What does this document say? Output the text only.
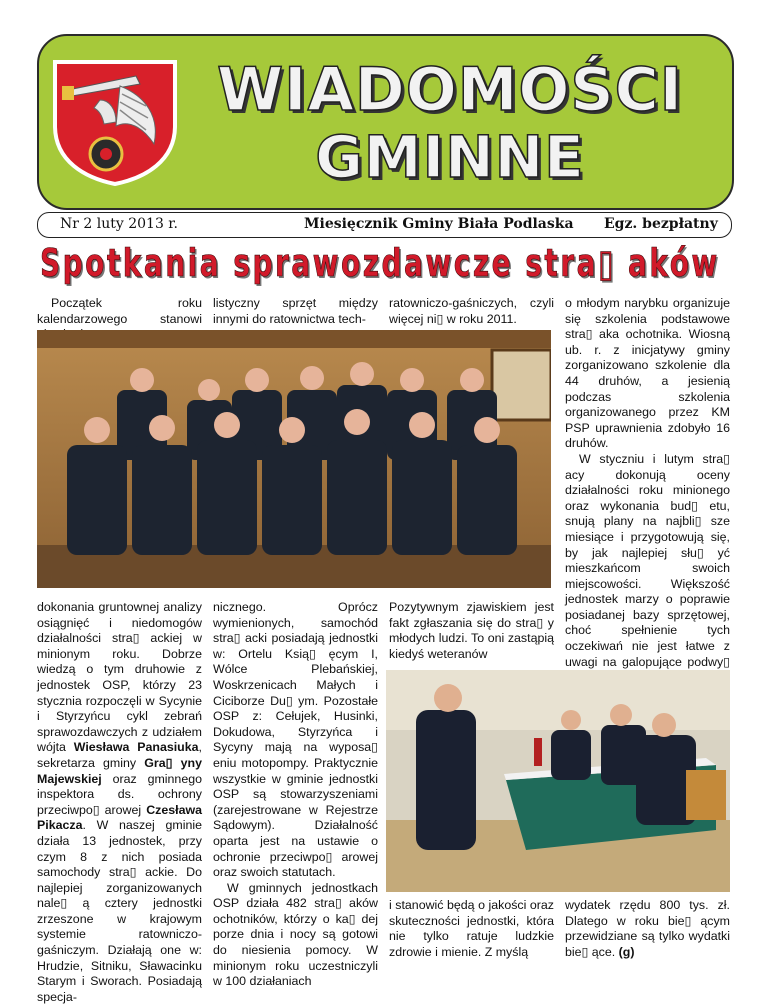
WIADOMOŚCI
GMINNE
Nr 2 luty 2013 r.	Miesięcznik Gminy Biała Podlaska Egz. bezpłatny
Spotkania sprawozdawcze stra▯ aków

Początek roku kalendarzowego stanowi

dokonania gruntownej analizy osiągnięć i niedomogów działalności stra▯ ackiej w minionym roku. Dobrze wiedzą o tym druhowie z jednostek OSP, którzy 23 stycznia rozpoczęli w Sycynie i Styrzyńcu cykl zebrań sprawozdawczych z udziałem wójta Wiesława Panasiuka, sekretarza gminy Gra▯ yny Majewskiej oraz gminnego inspektora ds. ochrony przeciwpo▯ arowej Czesława Pikacza. W naszej gminie działa 13 jednostek, przy czym 8 z nich posiada samochody stra▯ ackie. Do najlepiej zorganizowanych nale▯ ą cztery jednostki zrzeszone w krajowym systemie ratowniczo-gaśniczym. Działają one w: Hrudzie, Sitniku, Sławacinku Starym i Sworach. Posiadają specja-

listyczny sprzęt między innymi do ratownictwa tech-

nicznego. Oprócz wymienionych, samochód stra▯ acki posiadają jednostki w: Ortelu Ksią▯ ęcym I, Wólce Plebańskiej, Woskrzenicach Małych i Ciciborze Du▯ ym. Pozostałe OSP z: Cełujek, Husinki, Dokudowa, Styrzyńca i Sycyny mają na wyposa▯ eniu motopompy. Praktycznie wszystkie w gminie jednostki OSP są stowarzyszeniami (zarejestrowane w Rejestrze Sądowym). Działalność oparta jest na ustawie o ochronie przeciwpo▯ arowej oraz swoich statutach.

W gminnych jednostkach OSP działa 482 stra▯ aków ochotników, którzy o ka▯ dej porze dnia i nocy są gotowi do niesienia pomocy. W minionym roku uczestniczyli w 100 działaniach

ratowniczo-gaśniczych, czyli więcej ni▯ w roku 2011.

Pozytywnym zjawiskiem jest fakt zgłaszania się do stra▯ y młodych ludzi. To oni zastąpią kiedyś weteranów

i stanowić będą o jakości oraz skuteczności jednostki, która nie tylko ratuje ludzkie zdrowie i mienie. Z myślą

o młodym narybku organizuje się szkolenia podstawowe stra▯ aka ochotnika. Wiosną ub. r. z inicjatywy gminy zorganizowano szkolenie dla 44 druhów, a jesienią podczas szkolenia organizowanego przez KM PSP uprawnienia zdobyło 16 druhów.

W styczniu i lutym stra▯ acy dokonują oceny działalności roku minionego oraz wykonania bud▯ etu, snują plany na najbli▯ sze miesiące i przygotowują się, by jak najlepiej słu▯ yć mieszkańcom swoich miejscowości. Większość jednostek marzy o poprawie posiadanej bazy sprzętowej, choć spełnienie tych oczekiwań nie jest łatwe z uwagi na galopujące podwy▯

wydatek rzędu 800 tys. zł. Dlatego w roku bie▯ ącym przewidziane są tylko wydatki bie▯ ące. (g)
